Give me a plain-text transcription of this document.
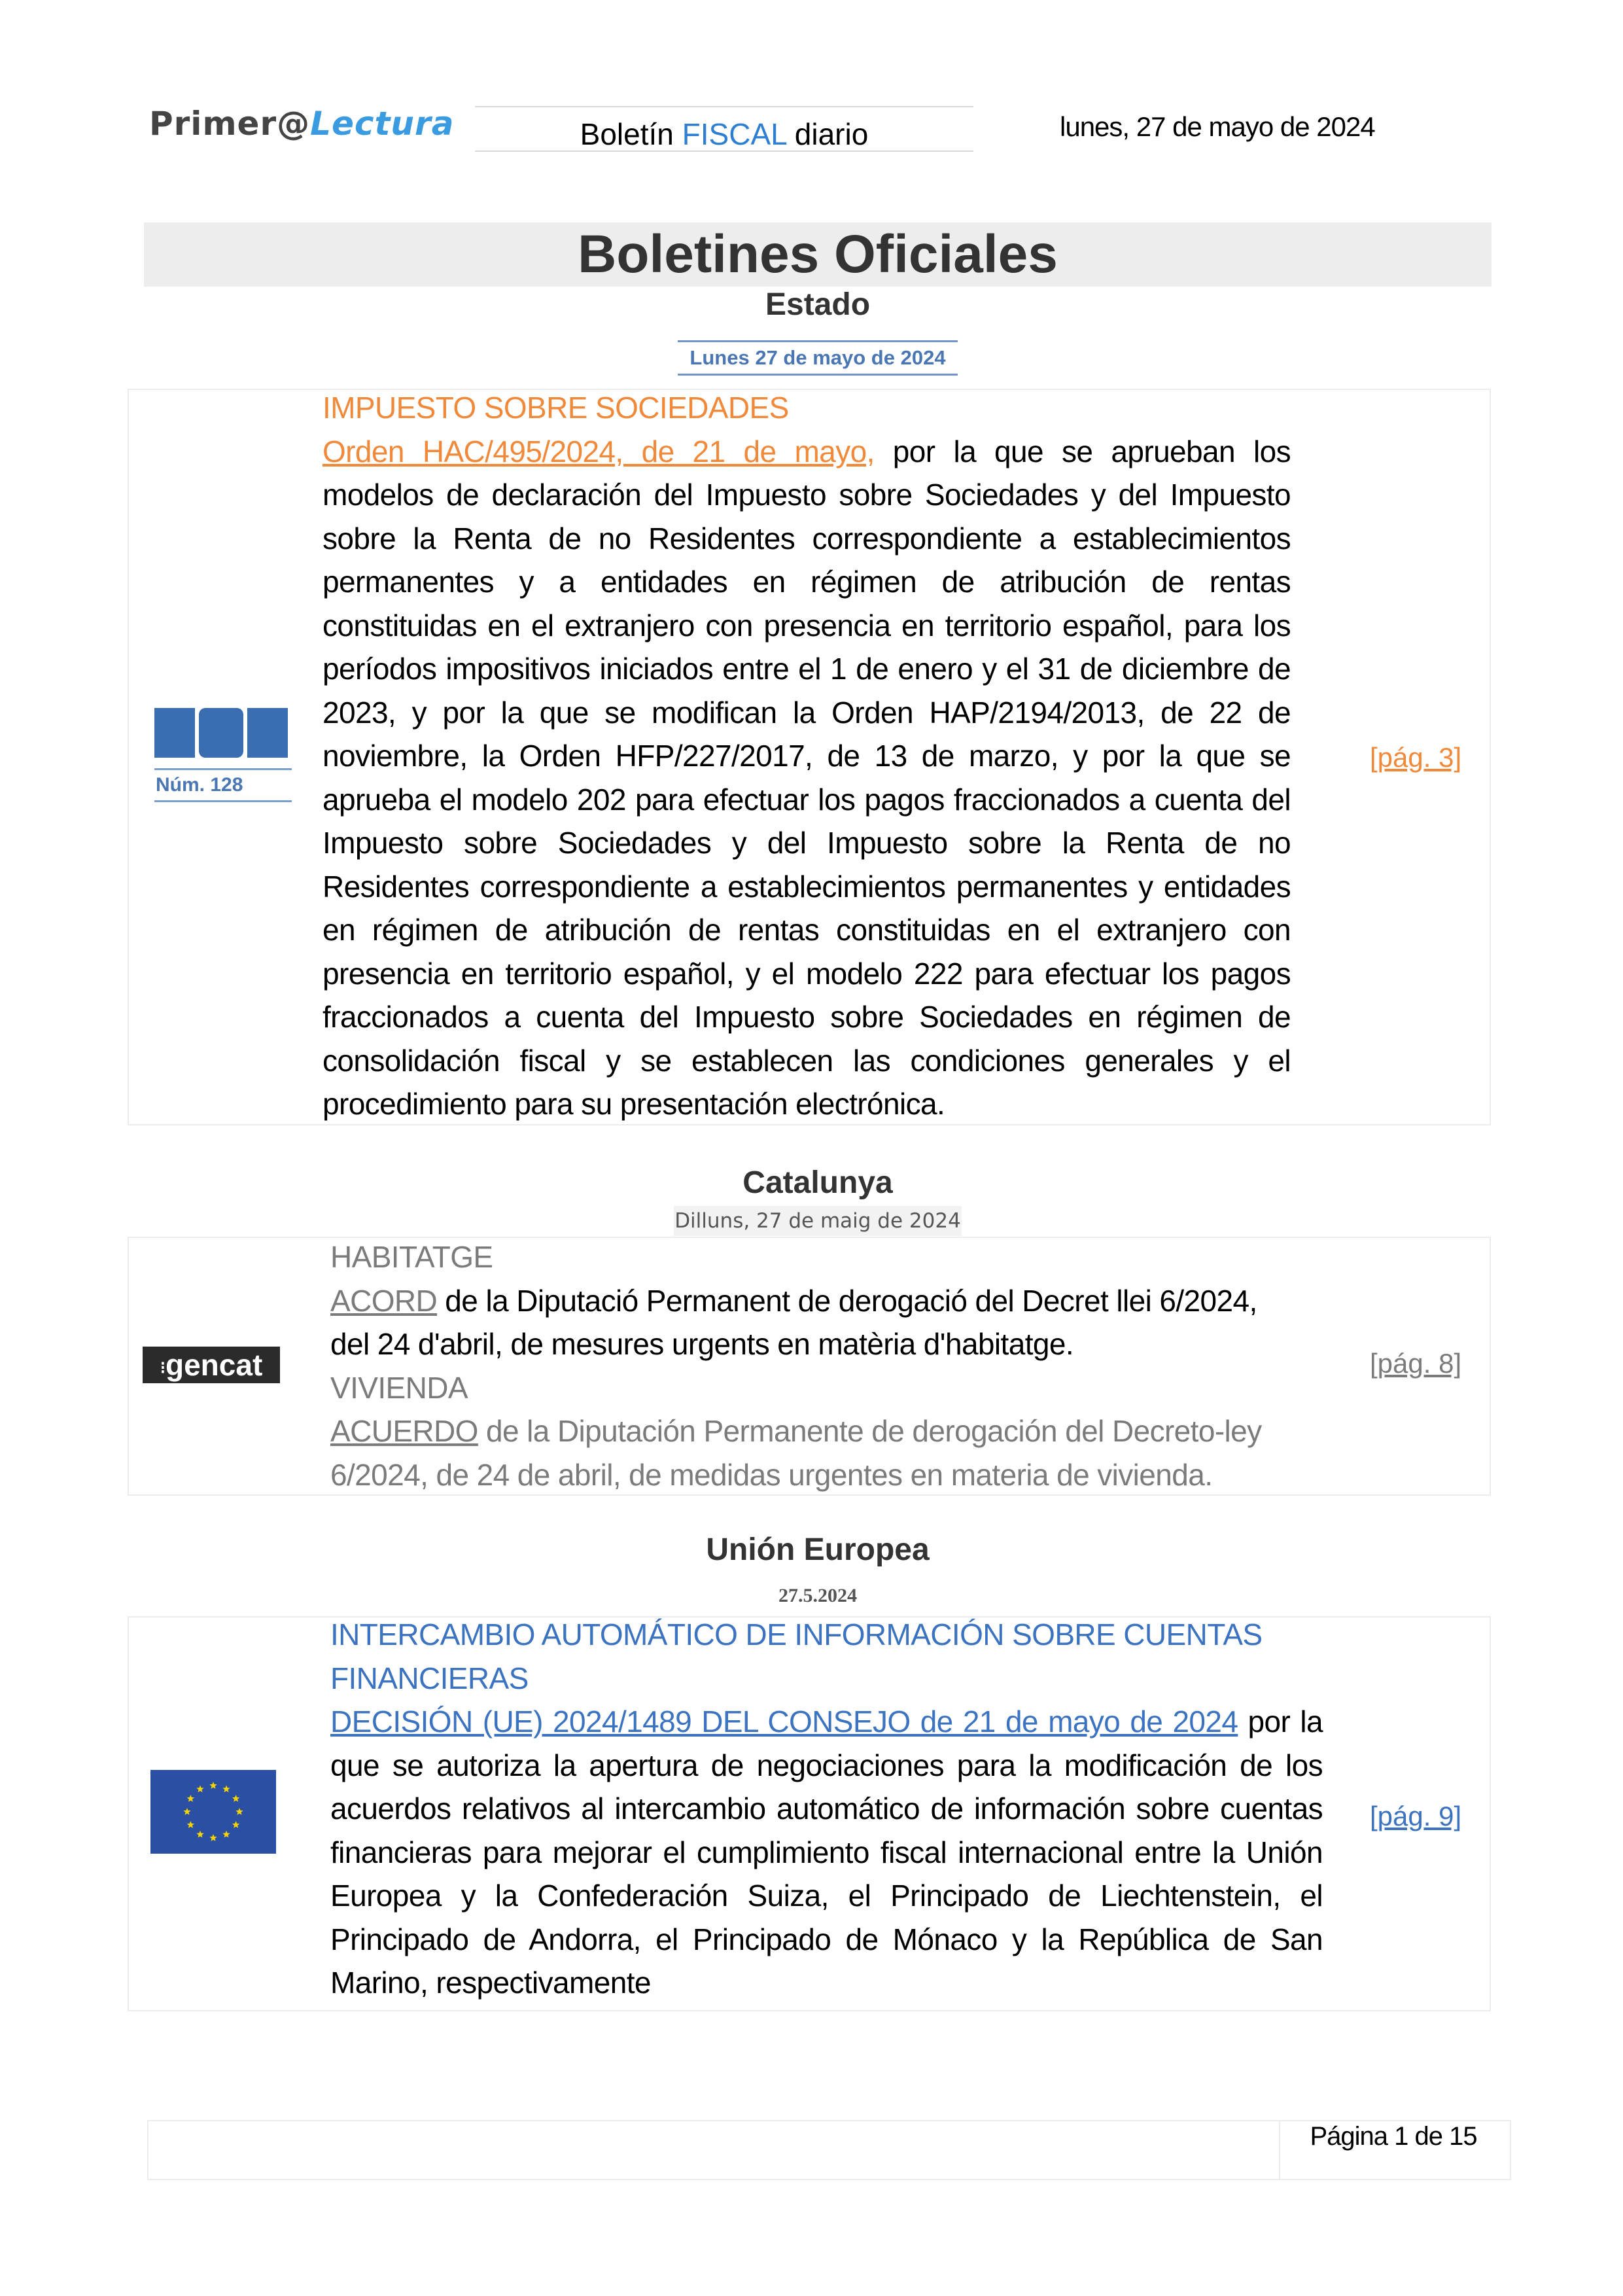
Primer@Lectura	Boletín FISCAL diario	lunes, 27 de mayo de 2024
Boletines Oficiales
Estado
Lunes 27 de mayo de 2024
Núm. 128
IMPUESTO SOBRE SOCIEDADES
Orden HAC/495/2024, de 21 de mayo, por la que se aprueban los modelos de declaración del Impuesto sobre Sociedades y del Impuesto sobre la Renta de no Residentes correspondiente a establecimientos permanentes y a entidades en régimen de atribución de rentas constituidas en el extranjero con presencia en territorio español, para los períodos impositivos iniciados entre el 1 de enero y el 31 de diciembre de 2023, y por la que se modifican la Orden HAP/2194/2013, de 22 de noviembre, la Orden HFP/227/2017, de 13 de marzo, y por la que se aprueba el modelo 202 para efectuar los pagos fraccionados a cuenta del Impuesto sobre Sociedades y del Impuesto sobre la Renta de no Residentes correspondiente a establecimientos permanentes y entidades en régimen de atribución de rentas constituidas en el extranjero con presencia en territorio español, y el modelo 222 para efectuar los pagos fraccionados a cuenta del Impuesto sobre Sociedades en régimen de consolidación fiscal y se establecen las condiciones generales y el procedimiento para su presentación electrónica.
[pág. 3]
Catalunya
Dilluns, 27 de maig de 2024
⁝gencat
HABITATGE
ACORD de la Diputació Permanent de derogació del Decret llei 6/2024, del 24 d'abril, de mesures urgents en matèria d'habitatge.
VIVIENDA
ACUERDO de la Diputación Permanente de derogación del Decreto-ley 6/2024, de 24 de abril, de medidas urgentes en materia de vivienda.
[pág. 8]
Unión Europea
27.5.2024
INTERCAMBIO AUTOMÁTICO DE INFORMACIÓN SOBRE CUENTAS FINANCIERAS
DECISIÓN (UE) 2024/1489 DEL CONSEJO de 21 de mayo de 2024 por la que se autoriza la apertura de negociaciones para la modificación de los acuerdos relativos al intercambio automático de información sobre cuentas financieras para mejorar el cumplimiento fiscal internacional entre la Unión Europea y la Confederación Suiza, el Principado de Liechtenstein, el Principado de Andorra, el Principado de Mónaco y la República de San Marino, respectivamente
[pág. 9]
Página 1 de 15
